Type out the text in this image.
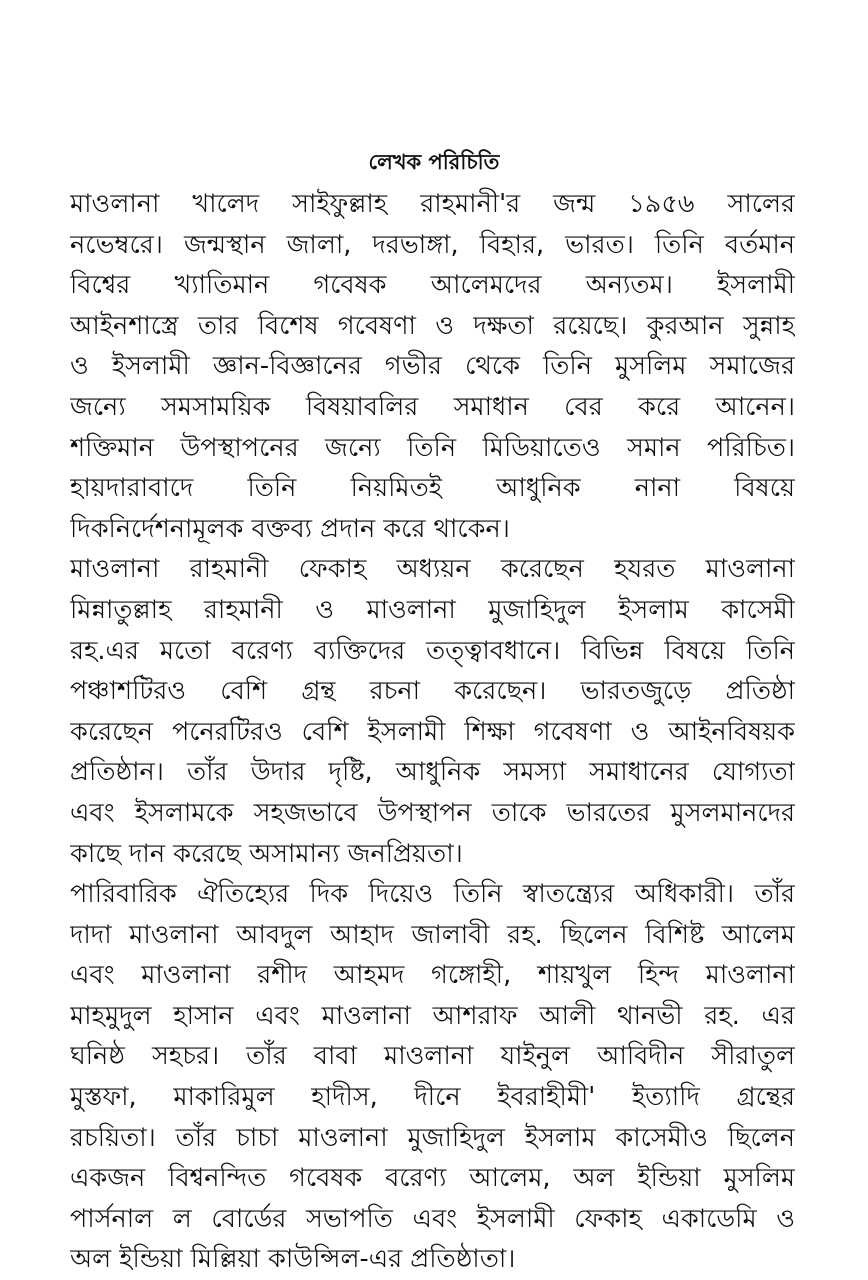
লেখক পরিচিতি
মাওলানা খালেদ সাইফুল্লাহ রাহমানী'র জন্ম ১৯৫৬ সালের
নভেম্বরে। জন্মস্থান জালা, দরভাঙ্গা, বিহার, ভারত। তিনি বর্তমান
বিশ্বের খ্যাতিমান গবেষক আলেমদের অন্যতম। ইসলামী
আইনশাস্ত্রে তার বিশেষ গবেষণা ও দক্ষতা রয়েছে। কুরআন সুন্নাহ
ও ইসলামী জ্ঞান-বিজ্ঞানের গভীর থেকে তিনি মুসলিম সমাজের
জন্যে সমসাময়িক বিষয়াবলির সমাধান বের করে আনেন।
শক্তিমান উপস্থাপনের জন্যে তিনি মিডিয়াতেও সমান পরিচিত।
হায়দারাবাদে তিনি নিয়মিতই আধুনিক নানা বিষয়ে
দিকনির্দেশনামূলক বক্তব্য প্রদান করে থাকেন।
মাওলানা রাহমানী ফেকাহ অধ্যয়ন করেছেন হযরত মাওলানা
মিন্নাতুল্লাহ রাহমানী ও মাওলানা মুজাহিদুল ইসলাম কাসেমী
রহ.এর মতো বরেণ্য ব্যক্তিদের তত্ত্বাবধানে। বিভিন্ন বিষয়ে তিনি
পঞ্চাশটিরও বেশি গ্রন্থ রচনা করেছেন। ভারতজুড়ে প্রতিষ্ঠা
করেছেন পনেরটিরও বেশি ইসলামী শিক্ষা গবেষণা ও আইনবিষয়ক
প্রতিষ্ঠান। তাঁর উদার দৃষ্টি, আধুনিক সমস্যা সমাধানের যোগ্যতা
এবং ইসলামকে সহজভাবে উপস্থাপন তাকে ভারতের মুসলমানদের
কাছে দান করেছে অসামান্য জনপ্রিয়তা।
পারিবারিক ঐতিহ্যের দিক দিয়েও তিনি স্বাতন্ত্র্যের অধিকারী। তাঁর
দাদা মাওলানা আবদুল আহাদ জালাবী রহ. ছিলেন বিশিষ্ট আলেম
এবং মাওলানা রশীদ আহমদ গঙ্গোহী, শায়খুল হিন্দ মাওলানা
মাহমুদুল হাসান এবং মাওলানা আশরাফ আলী থানভী রহ. এর
ঘনিষ্ঠ সহচর। তাঁর বাবা মাওলানা যাইনুল আবিদীন সীরাতুল
মুস্তফা, মাকারিমুল হাদীস, দীনে ইবরাহীমী' ইত্যাদি গ্রন্থের
রচয়িতা। তাঁর চাচা মাওলানা মুজাহিদুল ইসলাম কাসেমীও ছিলেন
একজন বিশ্বনন্দিত গবেষক বরেণ্য আলেম, অল ইন্ডিয়া মুসলিম
পার্সনাল ল বোর্ডের সভাপতি এবং ইসলামী ফেকাহ একাডেমি ও
অল ইন্ডিয়া মিল্লিয়া কাউন্সিল-এর প্রতিষ্ঠাতা।
